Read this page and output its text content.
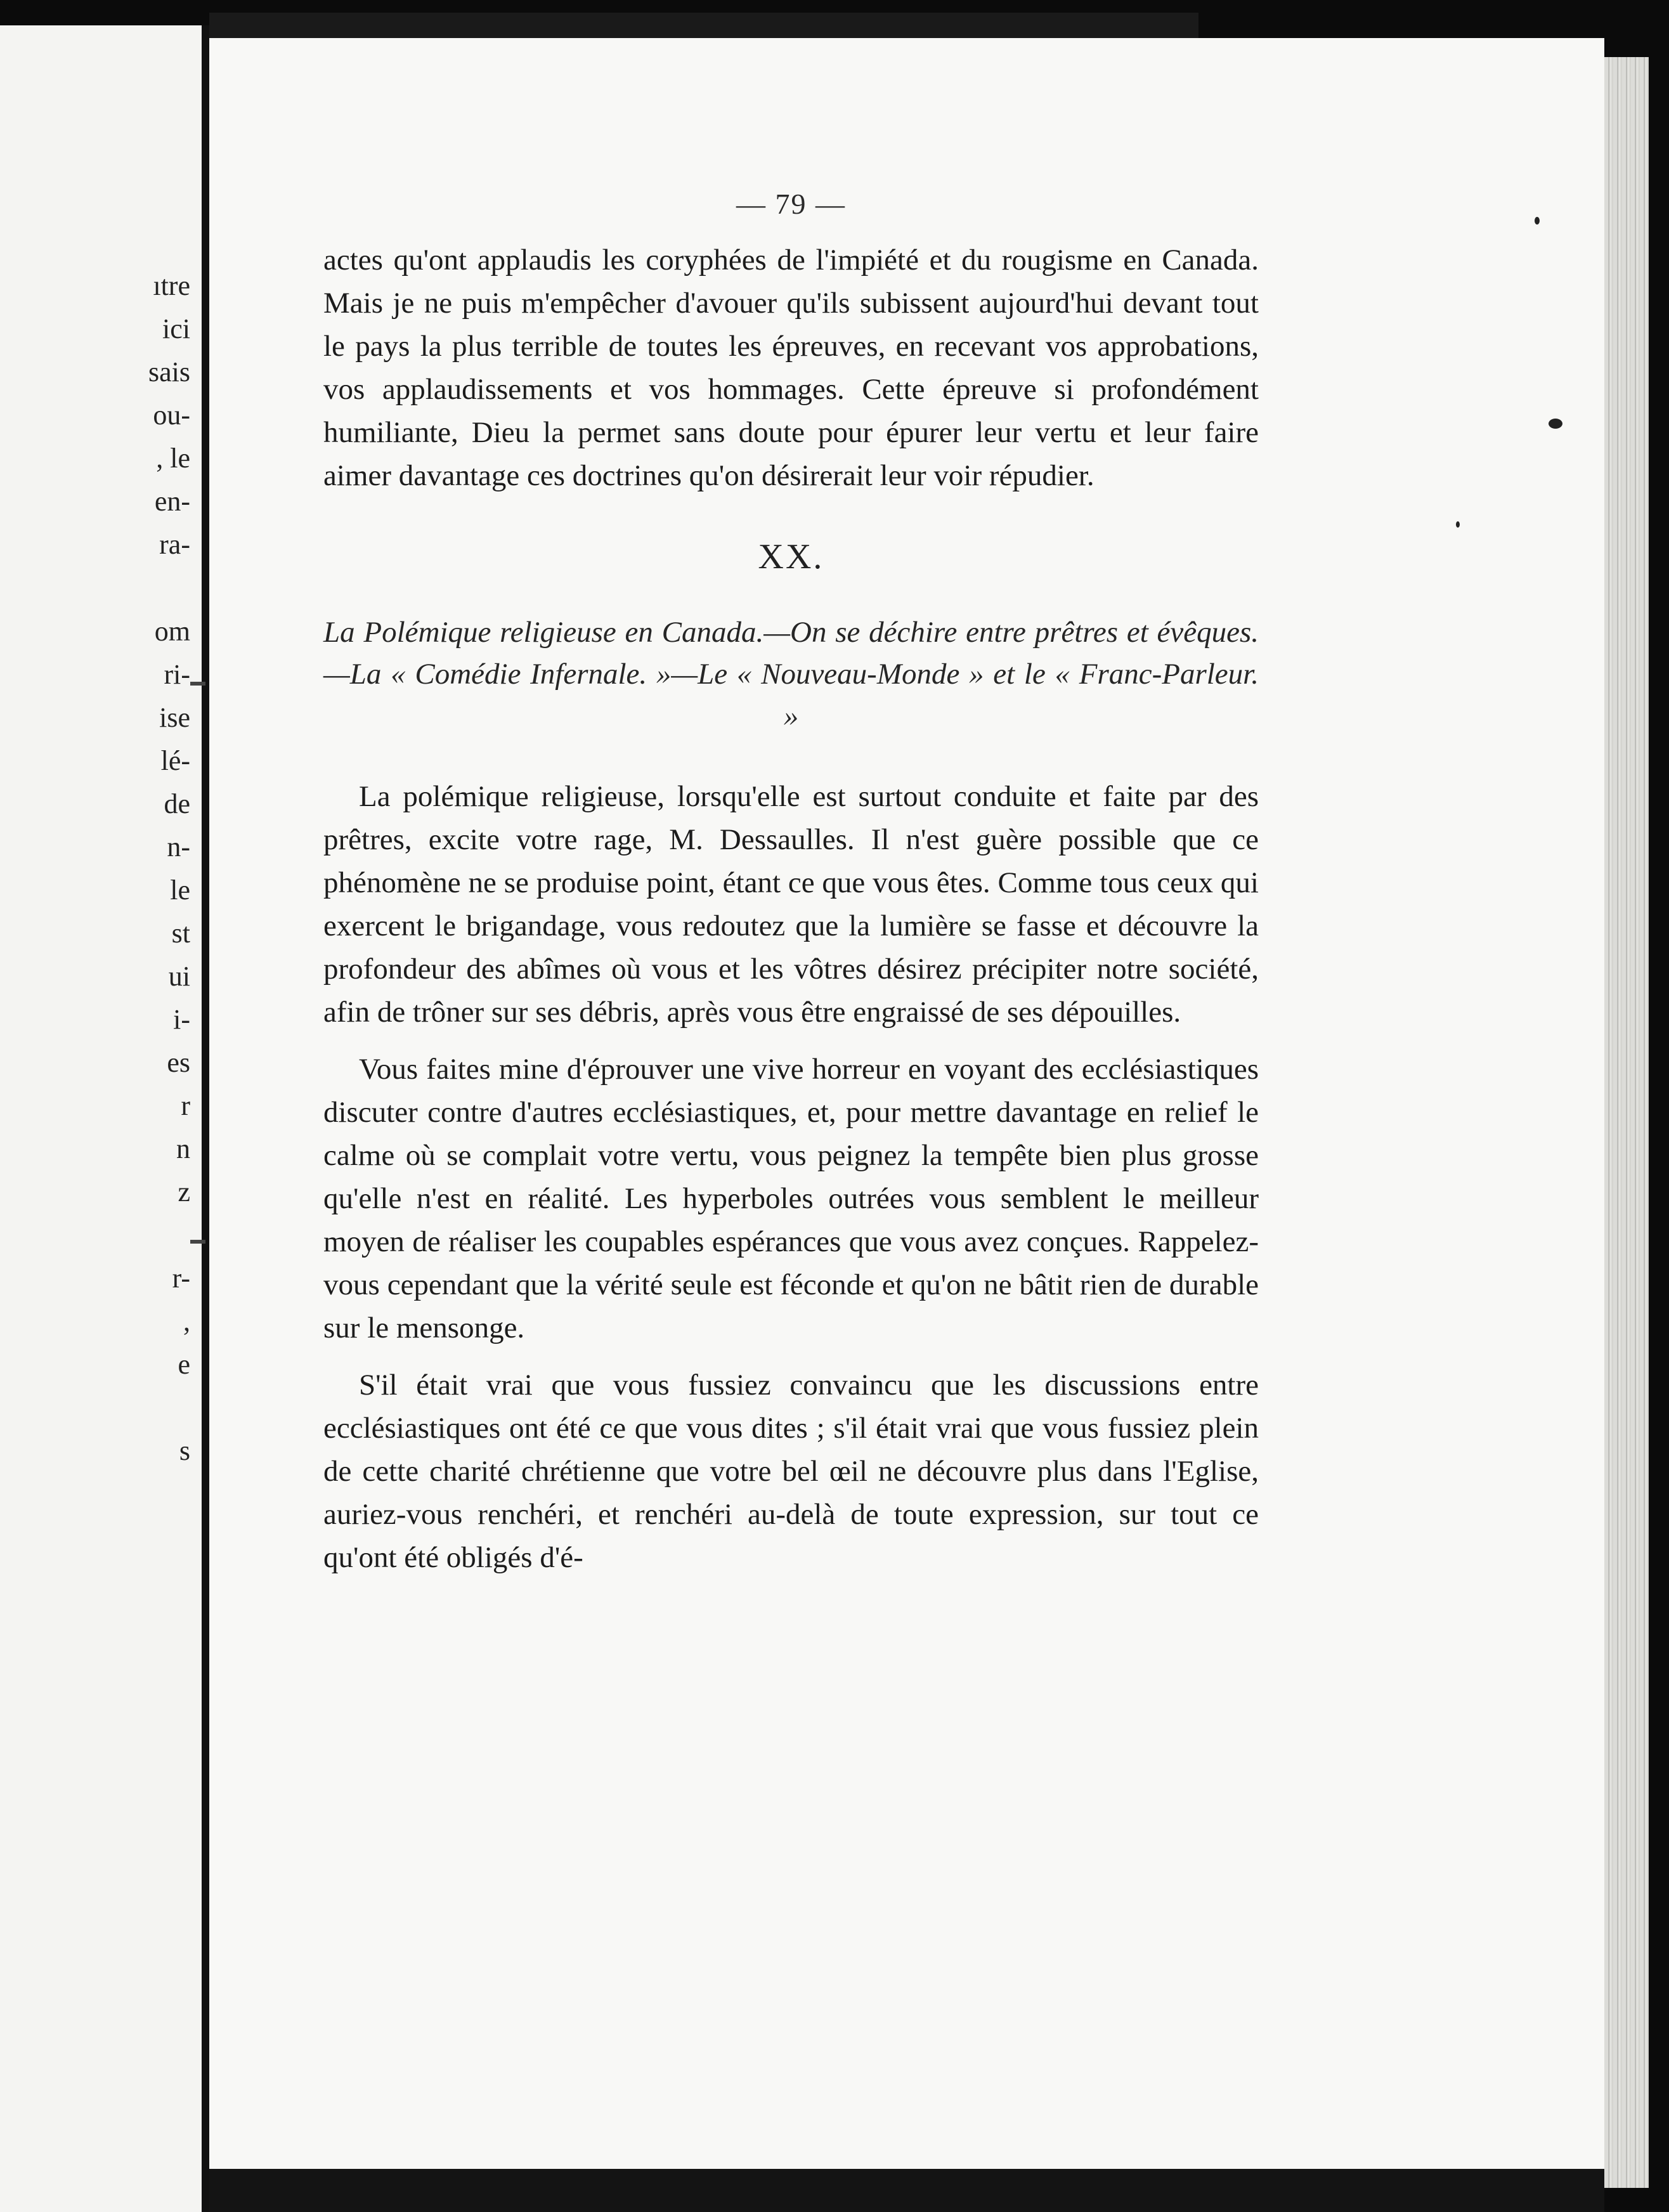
ıtre
ici
sais
ou-
, le
en-
ra-
om
ri-
ise
lé-
de
n-
le
st
ui
i-
es
r
n
z
r-
,
e
s
— 79 —

actes qu'ont applaudis les coryphées de l'impiété et du rougisme en Canada. Mais je ne puis m'empêcher d'avouer qu'ils subissent aujourd'hui devant tout le pays la plus terrible de toutes les épreuves, en recevant vos approbations, vos applaudissements et vos hommages. Cette épreuve si profondément humiliante, Dieu la permet sans doute pour épurer leur vertu et leur faire aimer davantage ces doctrines qu'on désirerait leur voir répudier.

XX.
La Polémique religieuse en Canada.—On se déchire entre prêtres et évêques.—La « Comédie Infernale. »—Le « Nouveau-Monde » et le « Franc-Parleur. »

La polémique religieuse, lorsqu'elle est surtout conduite et faite par des prêtres, excite votre rage, M. Dessaulles. Il n'est guère possible que ce phénomène ne se produise point, étant ce que vous êtes. Comme tous ceux qui exercent le brigandage, vous redoutez que la lumière se fasse et découvre la profondeur des abîmes où vous et les vôtres désirez précipiter notre société, afin de trôner sur ses débris, après vous être engraissé de ses dépouilles.

Vous faites mine d'éprouver une vive horreur en voyant des ecclésiastiques discuter contre d'autres ecclésiastiques, et, pour mettre davantage en relief le calme où se complait votre vertu, vous peignez la tempête bien plus grosse qu'elle n'est en réalité. Les hyperboles outrées vous semblent le meilleur moyen de réaliser les coupables espérances que vous avez conçues. Rappelez-vous cependant que la vérité seule est féconde et qu'on ne bâtit rien de durable sur le mensonge.

S'il était vrai que vous fussiez convaincu que les discussions entre ecclésiastiques ont été ce que vous dites ; s'il était vrai que vous fussiez plein de cette charité chrétienne que votre bel œil ne découvre plus dans l'Eglise, auriez-vous renchéri, et renchéri au-delà de toute expression, sur tout ce qu'ont été obligés d'é-
